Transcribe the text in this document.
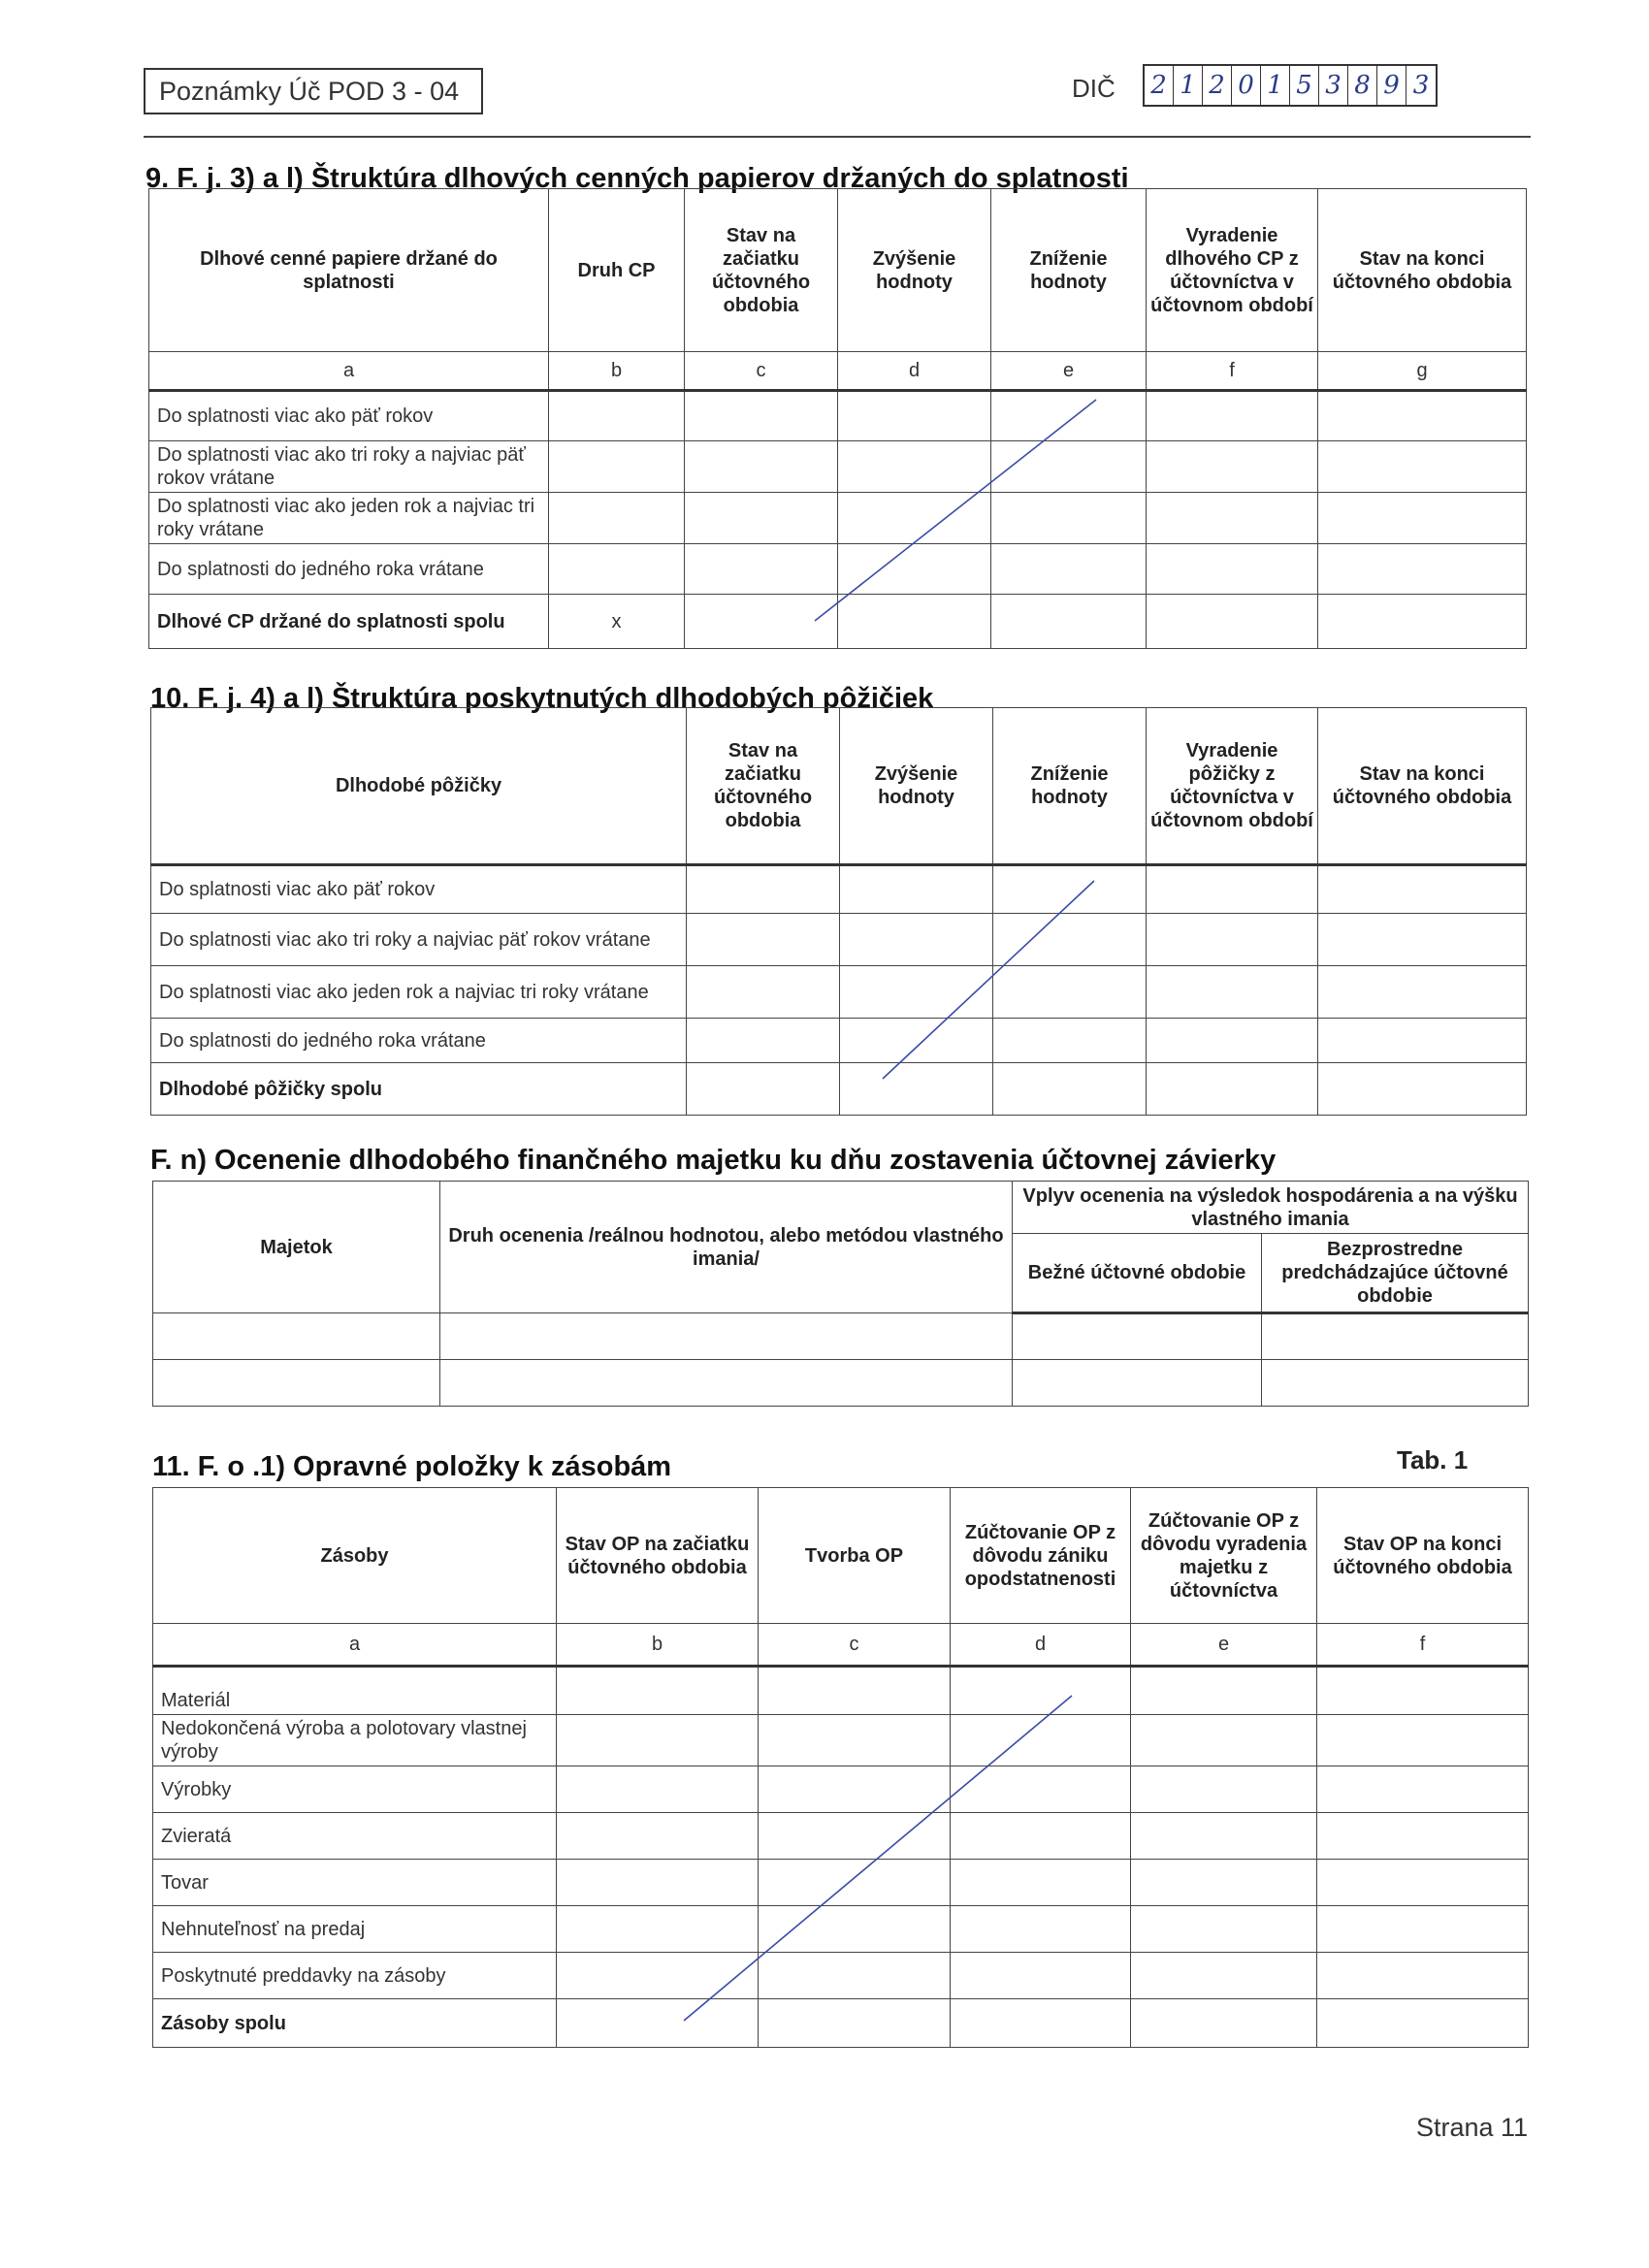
Poznámky Úč POD 3 - 04	DIČ 2 1 2 0 1 5 3 8 9 3
9. F. j. 3) a l) Štruktúra dlhových cenných papierov držaných do splatnosti
Dlhové cenné papiere držané do splatnosti	Druh CP	Stav na začiatku účtovného obdobia	Zvýšenie hodnoty	Zníženie hodnoty	Vyradenie dlhového CP z účtovníctva v účtovnom období	Stav na konci účtovného obdobia
a	b	c	d	e	f	g
Do splatnosti viac ako päť rokov						
Do splatnosti viac ako tri roky a najviac päť rokov vrátane						
Do splatnosti viac ako jeden rok a najviac tri roky vrátane						
Do splatnosti do jedného roka vrátane						
Dlhové CP držané do splatnosti spolu	x					
10. F. j. 4) a l) Štruktúra poskytnutých dlhodobých pôžičiek
Dlhodobé pôžičky	Stav na začiatku účtovného obdobia	Zvýšenie hodnoty	Zníženie hodnoty	Vyradenie pôžičky z účtovníctva v účtovnom období	Stav na konci účtovného obdobia
Do splatnosti viac ako päť rokov					
Do splatnosti viac ako tri roky a najviac päť rokov vrátane					
Do splatnosti viac ako jeden rok a najviac tri roky vrátane					
Do splatnosti do jedného roka vrátane					
Dlhodobé pôžičky spolu					
F. n) Ocenenie dlhodobého finančného majetku ku dňu zostavenia účtovnej závierky
Majetok	Druh ocenenia /reálnou hodnotou, alebo metódou vlastného imania/	Vplyv ocenenia na výsledok hospodárenia a na výšku vlastného imania	
		Bežné účtovné obdobie	Bezprostredne predchádzajúce účtovné obdobie

11. F. o .1) Opravné položky k zásobám	Tab. 1
Zásoby	Stav OP na začiatku účtovného obdobia	Tvorba OP	Zúčtovanie OP z dôvodu zániku opodstatnenosti	Zúčtovanie OP z dôvodu vyradenia majetku z účtovníctva	Stav OP na konci účtovného obdobia
a	b	c	d	e	f
Materiál					
Nedokončená výroba a polotovary vlastnej výroby					
Výrobky					
Zvieratá					
Tovar					
Nehnuteľnosť na predaj					
Poskytnuté preddavky na zásoby					
Zásoby spolu					
Strana 11
